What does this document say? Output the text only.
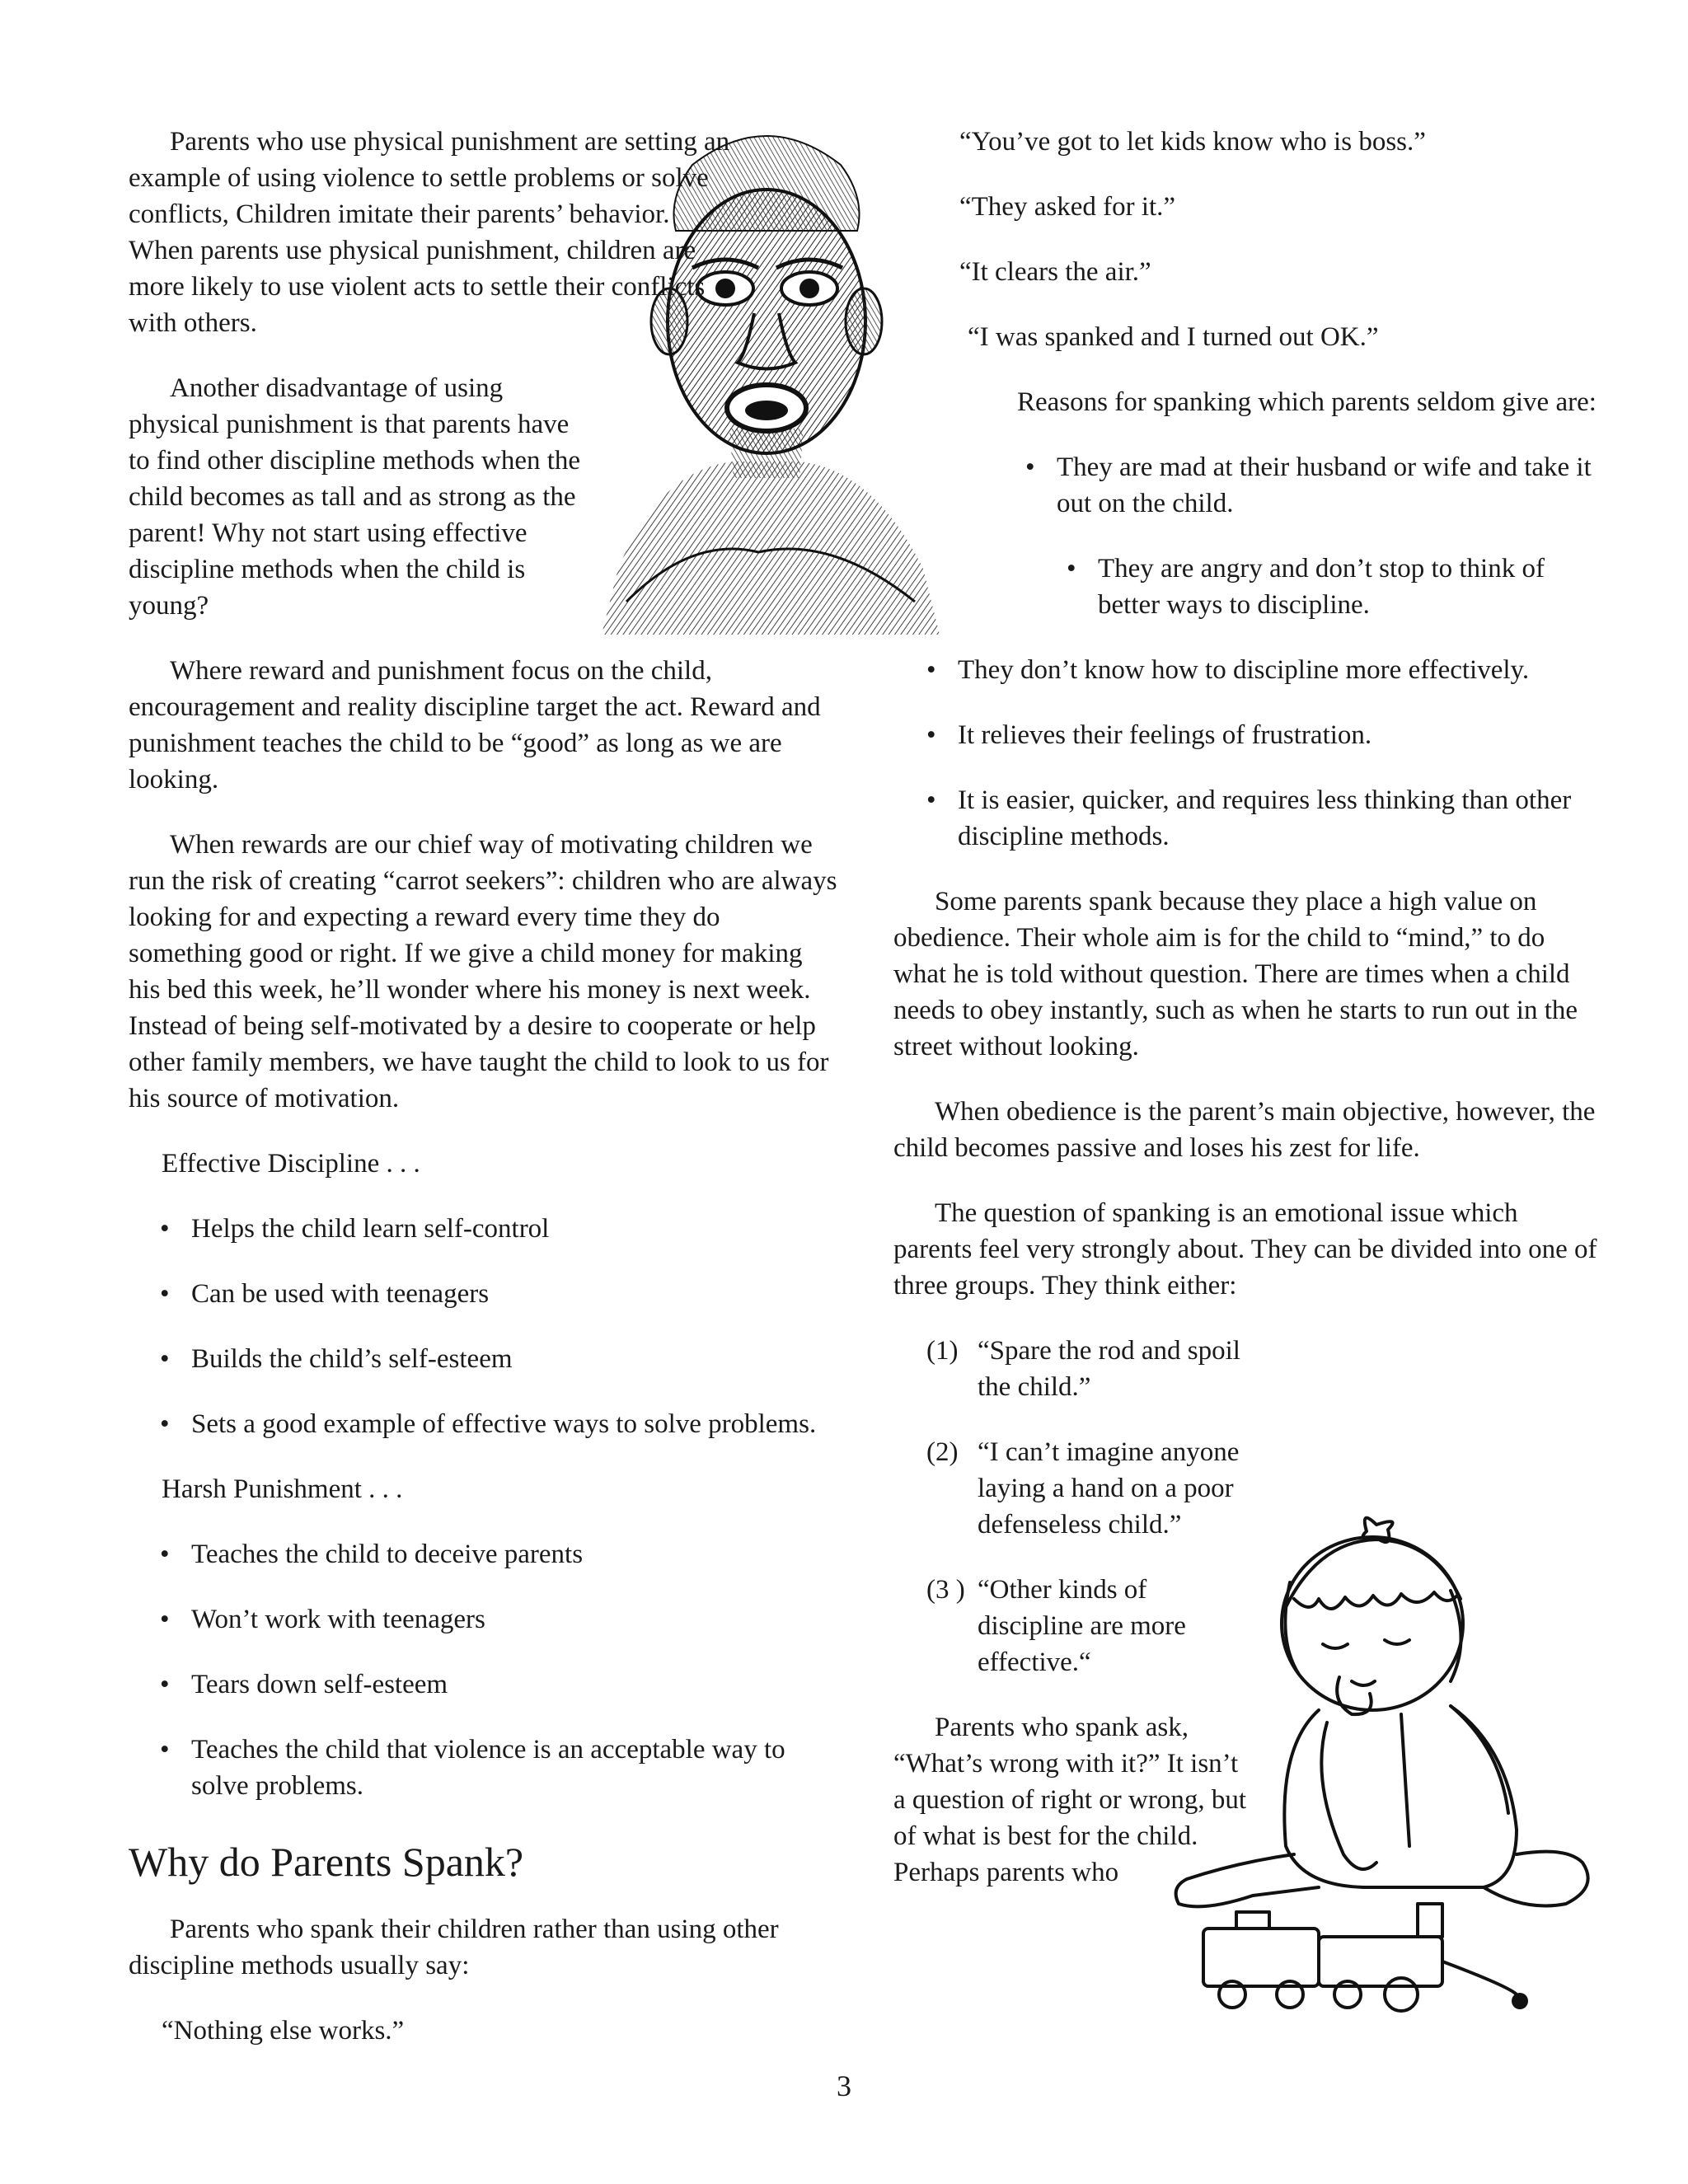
Parents who use physical punishment are setting an example of using violence to settle problems or solve conflicts, Children imitate their parents’ behavior. When parents use physical punishment, children are more likely to use violent acts to settle their conflicts with others.

Another disadvantage of using physical punishment is that parents have to find other discipline methods when the child becomes as tall and as strong as the parent! Why not start using effective discipline methods when the child is young?

Where reward and punishment focus on the child, encouragement and reality discipline target the act. Reward and punishment teaches the child to be “good” as long as we are looking.

When rewards are our chief way of motivating children we run the risk of creating “carrot seekers”: children who are always looking for and expecting a reward every time they do something good or right. If we give a child money for making his bed this week, he’ll wonder where his money is next week. Instead of being self-motivated by a desire to cooperate or help other family members, we have taught the child to look to us for his source of motivation.

Effective Discipline . . .

• Helps the child learn self-control
• Can be used with teenagers
• Builds the child’s self-esteem
• Sets a good example of effective ways to solve problems.

Harsh Punishment . . .

• Teaches the child to deceive parents
• Won’t work with teenagers
• Tears down self-esteem
• Teaches the child that violence is an acceptable way to solve problems.
Why do Parents Spank?

Parents who spank their children rather than using other discipline methods usually say:

“Nothing else works.”

“You’ve got to let kids know who is boss.”
“They asked for it.”
“It clears the air.”
“I was spanked and I turned out OK.”

Reasons for spanking which parents seldom give are:

• They are mad at their husband or wife and take it out on the child.
• They are angry and don’t stop to think of better ways to discipline.
• They don’t know how to discipline more effectively.
• It relieves their feelings of frustration.
• It is easier, quicker, and requires less thinking than other discipline methods.

Some parents spank because they place a high value on obedience. Their whole aim is for the child to “mind,” to do what he is told without question. There are times when a child needs to obey instantly, such as when he starts to run out in the street without looking.

When obedience is the parent’s main objective, however, the child becomes passive and loses his zest for life.

The question of spanking is an emotional issue which parents feel very strongly about. They can be divided into one of three groups. They think either:

(1) “Spare the rod and spoil the child.”
(2) “I can’t imagine anyone laying a hand on a poor defenseless child.”
(3 ) “Other kinds of discipline are more effective.“

Parents who spank ask, “What’s wrong with it?” It isn’t a question of right or wrong, but of what is best for the child. Perhaps parents who

3
